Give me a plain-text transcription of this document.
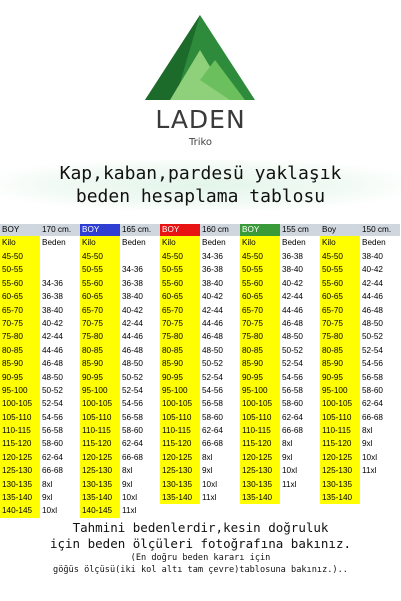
LADEN
Triko
Kap,kaban,pardesü yaklaşık
beden hesaplama tablosu
BOY	170 cm.
Kilo	Beden
45-50
50-55
55-60	34-36
60-65	36-38
65-70	38-40
70-75	40-42
75-80	42-44
80-85	44-46
85-90	46-48
90-95	48-50
95-100	50-52
100-105	52-54
105-110	54-56
110-115	56-58
115-120	58-60
120-125	62-64
125-130	66-68
130-135	8xl
135-140	9xl
140-145	10xl
BOY	165 cm.
Kilo	Beden
45-50
50-55	34-36
55-60	36-38
60-65	38-40
65-70	40-42
70-75	42-44
75-80	44-46
80-85	46-48
85-90	48-50
90-95	50-52
95-100	52-54
100-105	54-56
105-110	56-58
110-115	58-60
115-120	62-64
120-125	66-68
125-130	8xl
130-135	9xl
135-140	10xl
140-145	11xl
BOY	160 cm
Kilo	Beden
45-50	34-36
50-55	36-38
55-60	38-40
60-65	40-42
65-70	42-44
70-75	44-46
75-80	46-48
80-85	48-50
85-90	50-52
90-95	52-54
95-100	54-56
100-105	56-58
105-110	58-60
110-115	62-64
115-120	66-68
120-125	8xl
125-130	9xl
130-135	10xl
135-140	11xl
BOY	155 cm
Kilo	Beden
45-50	36-38
50-55	38-40
55-60	40-42
60-65	42-44
65-70	44-46
70-75	46-48
75-80	48-50
80-85	50-52
85-90	52-54
90-95	54-56
95-100	56-58
100-105	58-60
105-110	62-64
110-115	66-68
115-120	8xl
120-125	9xl
125-130	10xl
130-135	11xl
135-140
Boy	150 cm.
Kilo	Beden
45-50	38-40
50-55	40-42
55-60	42-44
60-65	44-46
65-70	46-48
70-75	48-50
75-80	50-52
80-85	52-54
85-90	54-56
90-95	56-58
95-100	58-60
100-105	62-64
105-110	66-68
110-115	8xl
115-120	9xl
120-125	10xl
125-130	11xl
130-135
135-140
Tahmini bedenlerdir,kesin doğruluk
için beden ölçüleri fotoğrafına bakınız.
(En doğru beden kararı için
göğüs ölçüsü(iki kol altı tam çevre)tablosuna bakınız.)..
